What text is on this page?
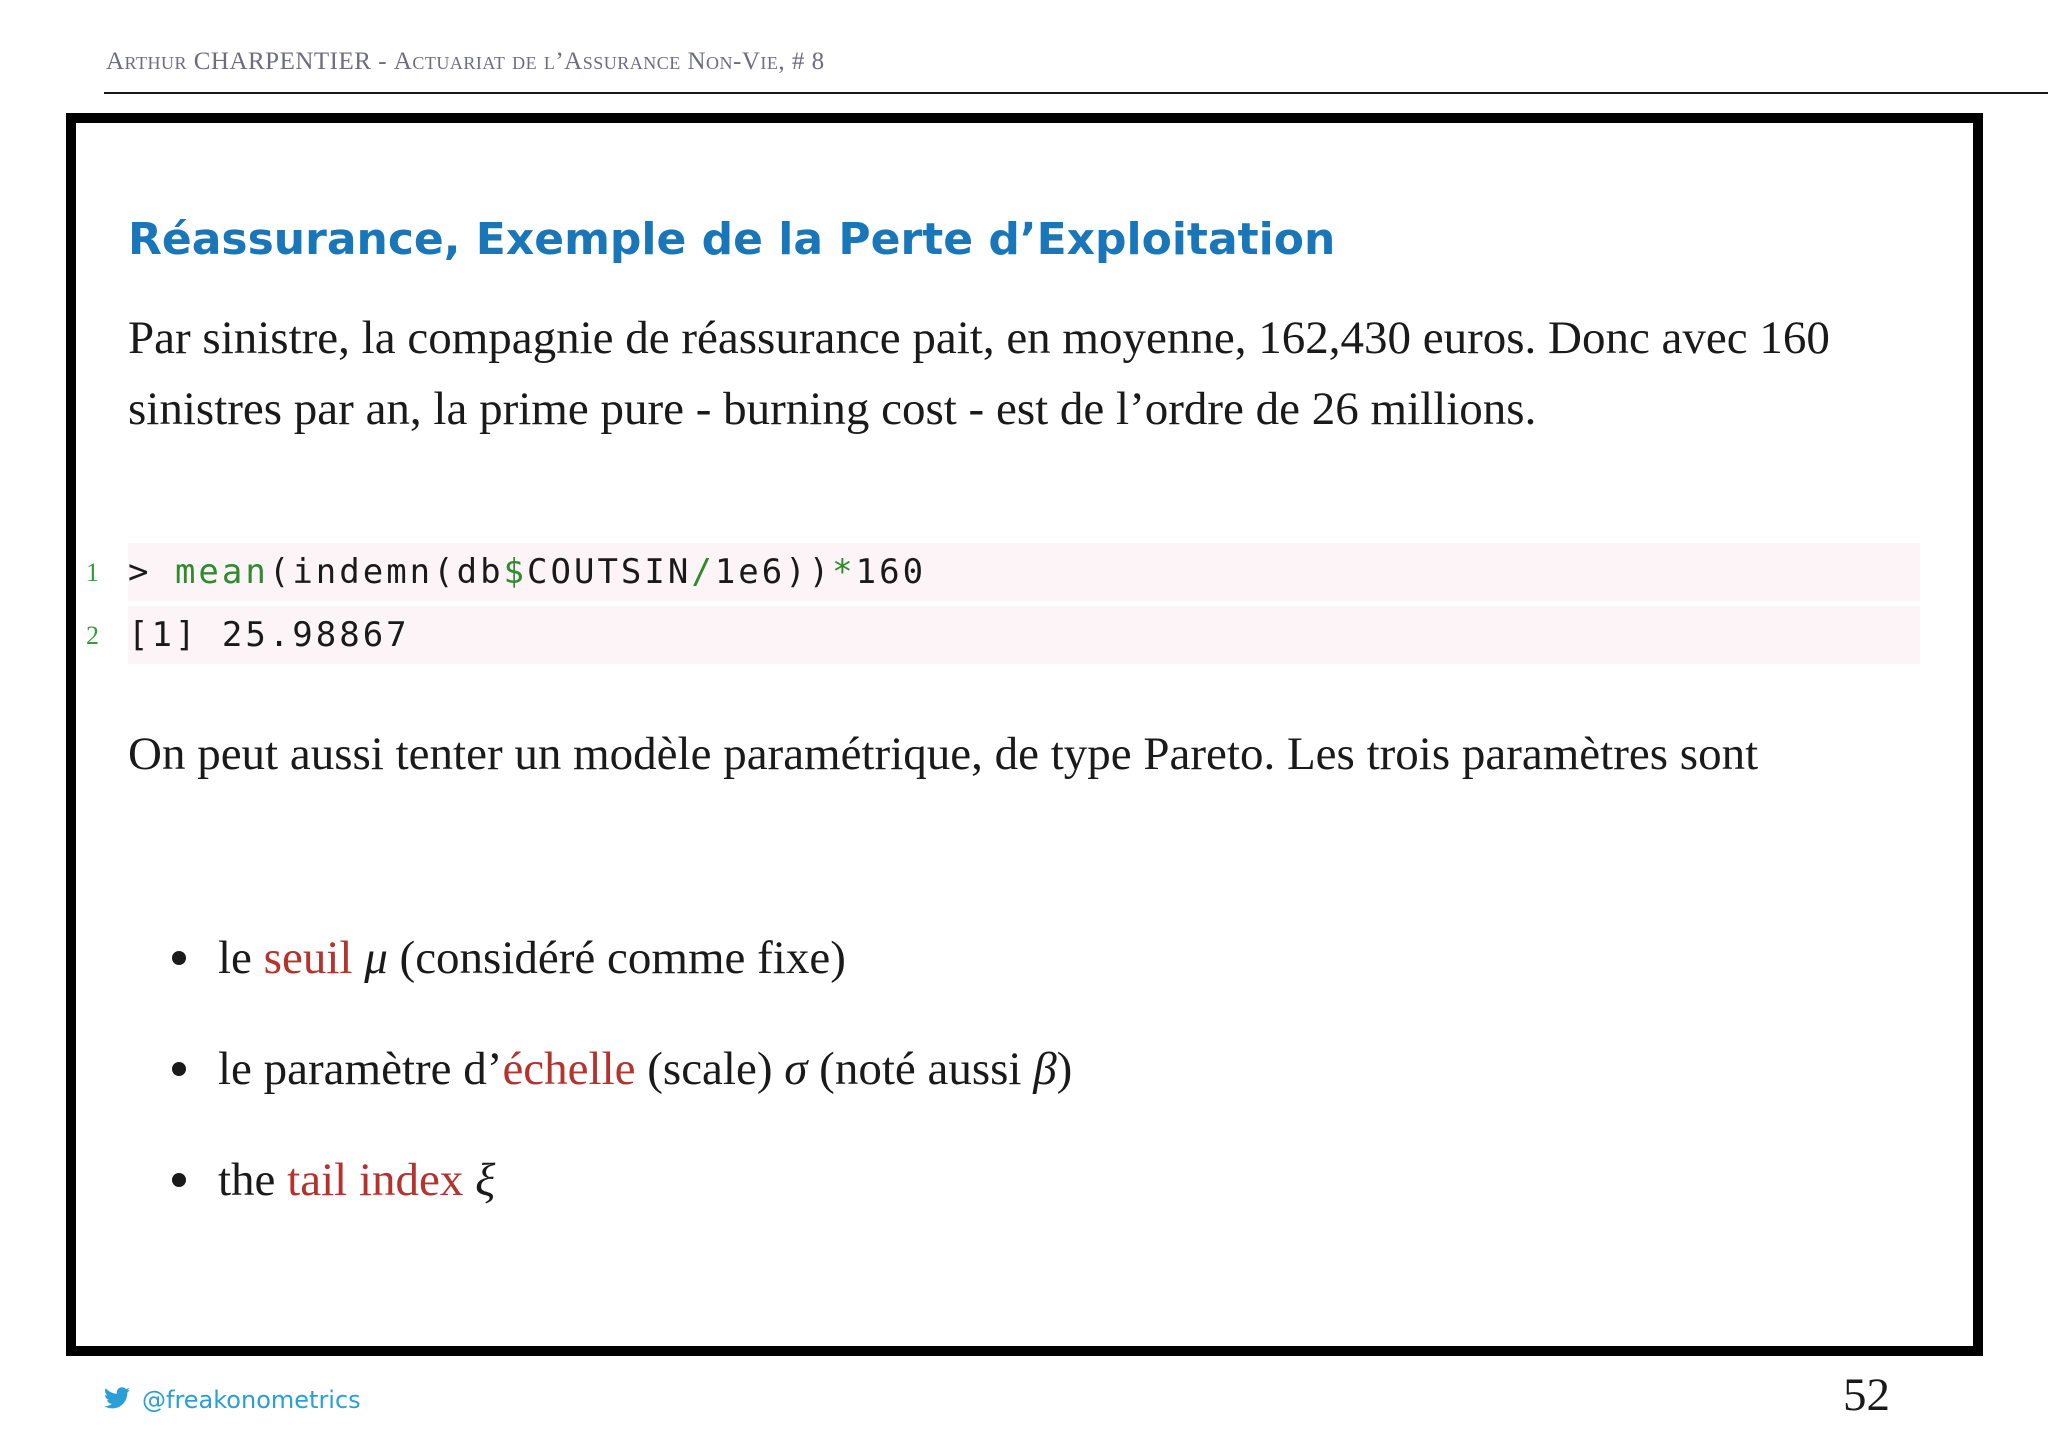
Arthur CHARPENTIER - Actuariat de l’Assurance Non-Vie, # 8
Réassurance, Exemple de la Perte d’Exploitation
Par sinistre, la compagnie de réassurance pait, en moyenne, 162,430 euros. Donc avec 160 sinistres par an, la prime pure - burning cost - est de l’ordre de 26 millions.
1 > mean(indemn(db$COUTSIN/1e6))*160
2 [1] 25.98867
On peut aussi tenter un modèle paramétrique, de type Pareto. Les trois paramètres sont
le seuil μ (considéré comme fixe)
le paramètre d’échelle (scale) σ (noté aussi β)
the tail index ξ
@freakonometrics	52
